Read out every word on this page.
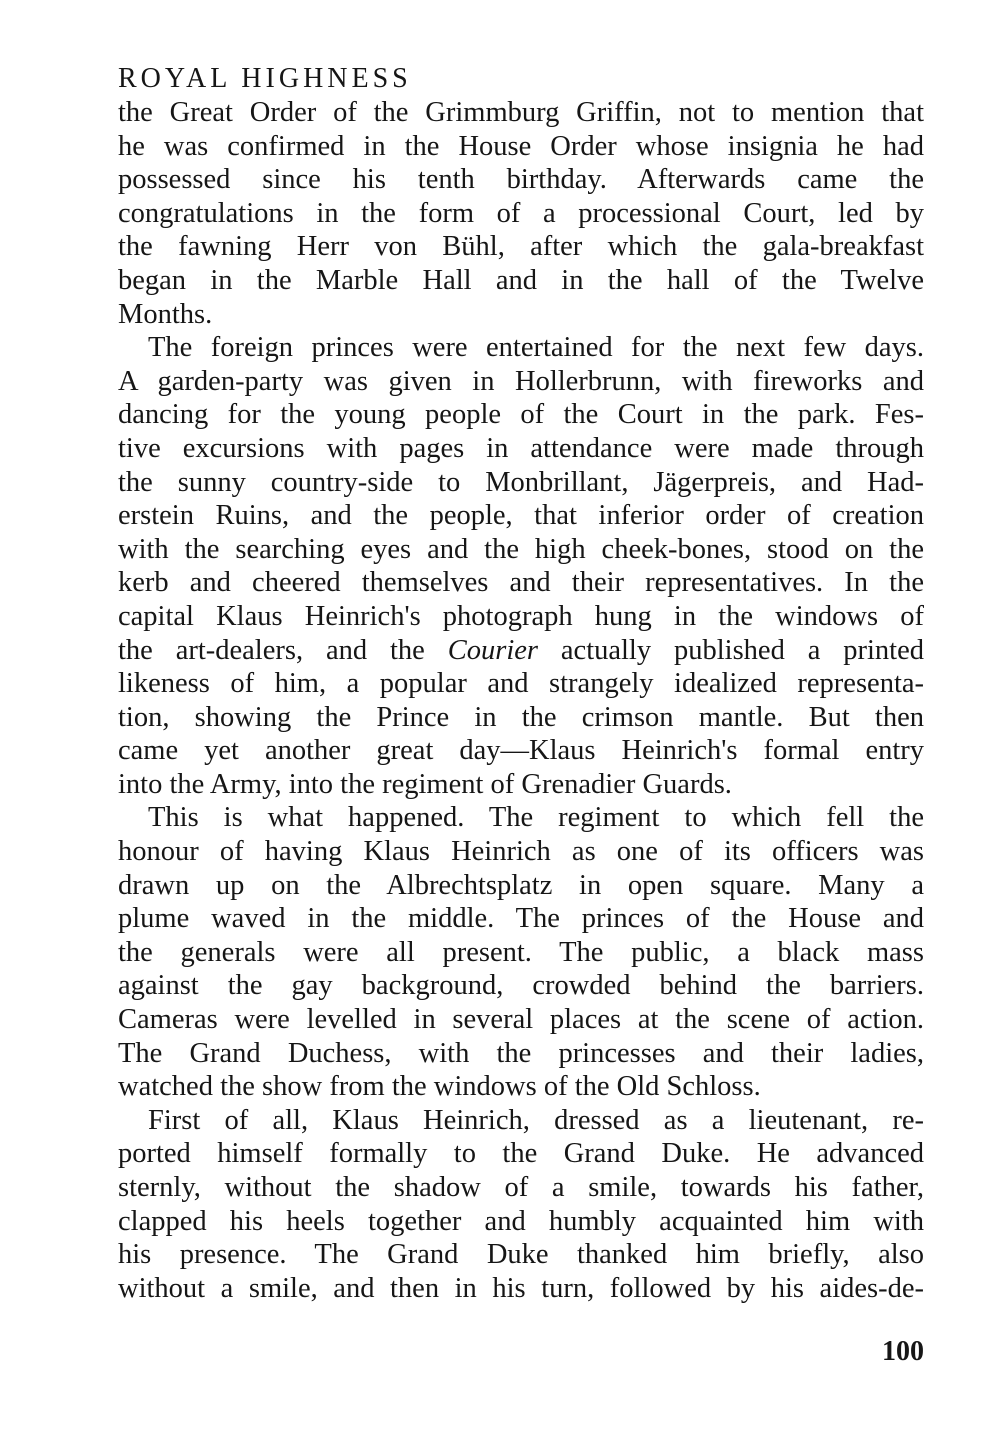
ROYAL HIGHNESS
the Great Order of the Grimmburg Griffin, not to mention that
he was confirmed in the House Order whose insignia he had
possessed since his tenth birthday. Afterwards came the
congratulations in the form of a processional Court, led by
the fawning Herr von Bühl, after which the gala-breakfast
began in the Marble Hall and in the hall of the Twelve
Months.
The foreign princes were entertained for the next few days.
A garden-party was given in Hollerbrunn, with fireworks and
dancing for the young people of the Court in the park. Fes-
tive excursions with pages in attendance were made through
the sunny country-side to Monbrillant, Jägerpreis, and Had-
erstein Ruins, and the people, that inferior order of creation
with the searching eyes and the high cheek-bones, stood on the
kerb and cheered themselves and their representatives. In the
capital Klaus Heinrich's photograph hung in the windows of
the art-dealers, and the Courier actually published a printed
likeness of him, a popular and strangely idealized representa-
tion, showing the Prince in the crimson mantle. But then
came yet another great day—Klaus Heinrich's formal entry
into the Army, into the regiment of Grenadier Guards.
This is what happened. The regiment to which fell the
honour of having Klaus Heinrich as one of its officers was
drawn up on the Albrechtsplatz in open square. Many a
plume waved in the middle. The princes of the House and
the generals were all present. The public, a black mass
against the gay background, crowded behind the barriers.
Cameras were levelled in several places at the scene of action.
The Grand Duchess, with the princesses and their ladies,
watched the show from the windows of the Old Schloss.
First of all, Klaus Heinrich, dressed as a lieutenant, re-
ported himself formally to the Grand Duke. He advanced
sternly, without the shadow of a smile, towards his father,
clapped his heels together and humbly acquainted him with
his presence. The Grand Duke thanked him briefly, also
without a smile, and then in his turn, followed by his aides-de-
100
